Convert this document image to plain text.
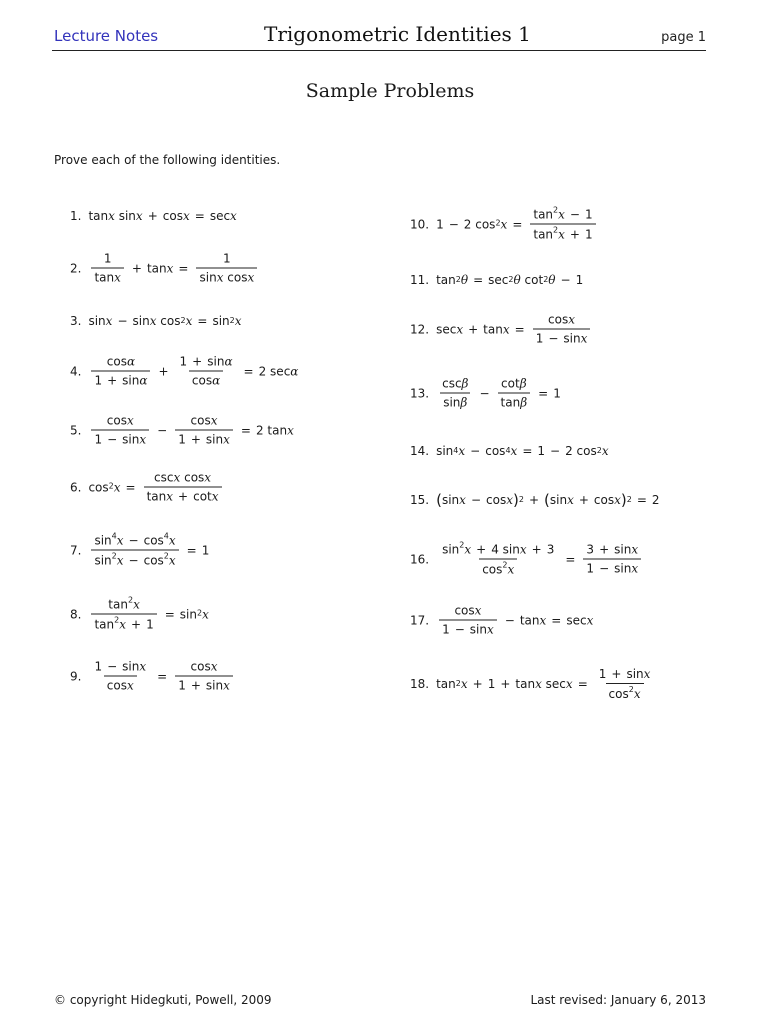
Lecture Notes	Trigonometric Identities 1	page 1
Sample Problems
Prove each of the following identities.
1. tan x sin x + cos x = sec x
2. $\frac{1}{\tan x} + \tan x = \frac{1}{\text{sinx cosx}}$
3. sin x − sin x $\cos^2 x = \sin^2 x$
4. $\frac{\cos\alpha}{1 + \sin\alpha} + \frac{1 + \sin\alpha}{\cos\alpha} = 2$ sec α
5. $\frac{\cos x}{1 - \sin x} - \frac{\cos x}{1 + \sin x} = 2$ tan x
6. $\cos^2 x = \frac{\text{cscx cosx}}{\tan x + \cot x}$
7. $\frac{\sin^4x - \cos^4x}{\sin^2x - \cos^2x} = 1$
8. $\frac{\tan^2x}{\tan^2x + 1} = \sin^2 x$
9. $\frac{1 - \sin x}{\cos x} = \frac{\cos x}{1 + \sin x}$
10. 1 − 2 $\cos^2 x = \frac{\tan^2x - 1}{\tan^2x + 1}$
11. $\tan^2 \theta = \sec^2 \theta$ $\cot^2 \theta - 1$
12. $\sec x + \tan x = \frac{\cos x}{1 - \sin x}$
13. $\frac{\csc\beta}{\sin\beta} - \frac{\cot\beta}{\tan\beta} = 1$
14. $\sin^4 x - \cos^4 x = 1 - 2$ $\cos^2 x$
15. ( sin x − cos x )$^2$ + ( sin x + cos x )$^2$ = 2
16. $\frac{\sin^2x + 4 \sin x + 3}{\cos^2x} = \frac{3 + \sin x}{1 - \sin x}$
17. $\frac{\cos x}{1 - \sin x} - \tan x = \sec x$
18. $\tan^2 x + 1 + \tan x$ $\sec x = \frac{1 + \sin x}{\cos^2x}$
© copyright Hidegkuti, Powell, 2009	Last revised: January 6, 2013
